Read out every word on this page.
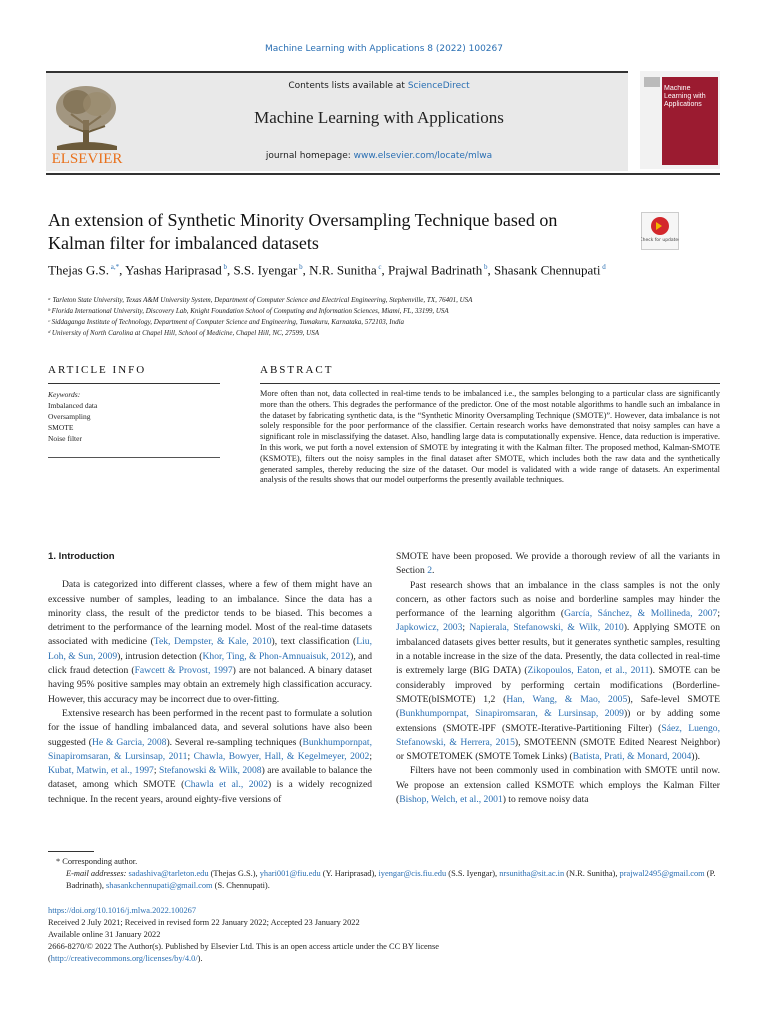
Machine Learning with Applications 8 (2022) 100267
ELSEVIER
Contents lists available at ScienceDirect
Machine Learning with Applications
journal homepage: www.elsevier.com/locate/mlwa
Machine Learning with Applications
An extension of Synthetic Minority Oversampling Technique based on Kalman filter for imbalanced datasets	Check for updates
Thejas G.S. $^{a,*}$, Yashas Hariprasad $^b$, S.S. Iyengar $^b$, N.R. Sunitha $^c$, Prajwal Badrinath $^b$, Shasank Chennupati $^d$
ᵃ Tarleton State University, Texas A&M University System, Department of Computer Science and Electrical Engineering, Stephenville, TX, 76401, USA
ᵇ Florida International University, Discovery Lab, Knight Foundation School of Computing and Information Sciences, Miami, FL, 33199, USA
ᶜ Siddaganga Institute of Technology, Department of Computer Science and Engineering, Tumakuru, Karnataka, 572103, India
ᵈ University of North Carolina at Chapel Hill, School of Medicine, Chapel Hill, NC, 27599, USA
ARTICLE INFO	ABSTRACT
Keywords:
Imbalanced data
Oversampling
SMOTE
Noise filter
More often than not, data collected in real-time tends to be imbalanced i.e., the samples belonging to a particular class are significantly more than the others. This degrades the performance of the predictor. One of the most notable algorithms to handle such an imbalance in the dataset by fabricating synthetic data, is the “Synthetic Minority Oversampling Technique (SMOTE)”. However, data imbalance is not solely responsible for the poor performance of the classifier. Certain research works have demonstrated that noisy samples can have a significant role in misclassifying the dataset. Also, handling large data is computationally expensive. Hence, data reduction is imperative. In this work, we put forth a novel extension of SMOTE by integrating it with the Kalman filter. The proposed method, Kalman-SMOTE (KSMOTE), filters out the noisy samples in the final dataset after SMOTE, which includes both the raw data and the synthetically generated samples, thereby reducing the size of the dataset. Our model is validated with a wide range of datasets. An experimental analysis of the results shows that our model outperforms the presently available techniques.
1. Introduction

Data is categorized into different classes, where a few of them might have an excessive number of samples, leading to an imbalance. Since the data has a minority class, the result of the predictor tends to be biased. This becomes a detriment to the performance of the learning model. Most of the real-time datasets associated with medicine (Tek, Dempster, & Kale, 2010), text classification (Liu, Loh, & Sun, 2009), intrusion detection (Khor, Ting, & Phon-Amnuaisuk, 2012), and click fraud detection (Fawcett & Provost, 1997) are not balanced. A binary dataset having 95% positive samples may obtain an extremely high classification accuracy. However, this accuracy may be incorrect due to over-fitting.

Extensive research has been performed in the recent past to formulate a solution for the issue of handling imbalanced data, and several solutions have also been suggested (He & Garcia, 2008). Several re-sampling techniques (Bunkhumpornpat, Sinapiromsaran, & Lursinsap, 2011; Chawla, Bowyer, Hall, & Kegelmeyer, 2002; Kubat, Matwin, et al., 1997; Stefanowski & Wilk, 2008) are available to balance the dataset, among which SMOTE (Chawla et al., 2002) is a widely recognized technique. In the recent years, around eighty-five versions of

SMOTE have been proposed. We provide a thorough review of all the variants in Section 2.

Past research shows that an imbalance in the class samples is not the only concern, as other factors such as noise and borderline samples may hinder the performance of the learning algorithm (García, Sánchez, & Mollineda, 2007; Japkowicz, 2003; Napierala, Stefanowski, & Wilk, 2010). Applying SMOTE on imbalanced datasets gives better results, but it generates synthetic samples, resulting in a notable increase in the size of the data. Presently, the data collected in real-time is extremely large (BIG DATA) (Zikopoulos, Eaton, et al., 2011). SMOTE can be considerably improved by performing certain modifications (Borderline-SMOTE(bISMOTE) 1,2 (Han, Wang, & Mao, 2005), Safe-level SMOTE (Bunkhumpornpat, Sinapiromsaran, & Lursinsap, 2009)) or by adding some extensions (SMOTE-IPF (SMOTE-Iterative-Partitioning Filter) (Sáez, Luengo, Stefanowski, & Herrera, 2015), SMOTEENN (SMOTE Edited Nearest Neighbor) or SMOTETOMEK (SMOTE Tomek Links) (Batista, Prati, & Monard, 2004)).

Filters have not been commonly used in combination with SMOTE until now. We propose an extension called KSMOTE which employs the Kalman Filter (Bishop, Welch, et al., 2001) to remove noisy data

* Corresponding author.
E-mail addresses: sadashiva@tarleton.edu (Thejas G.S.), yhari001@fiu.edu (Y. Hariprasad), iyengar@cis.fiu.edu (S.S. Iyengar), nrsunitha@sit.ac.in (N.R. Sunitha), prajwal2495@gmail.com (P. Badrinath), shasankchennupati@gmail.com (S. Chennupati).
https://doi.org/10.1016/j.mlwa.2022.100267
Received 2 July 2021; Received in revised form 22 January 2022; Accepted 23 January 2022
Available online 31 January 2022
2666-8270/© 2022 The Author(s). Published by Elsevier Ltd. This is an open access article under the CC BY license
(http://creativecommons.org/licenses/by/4.0/).
